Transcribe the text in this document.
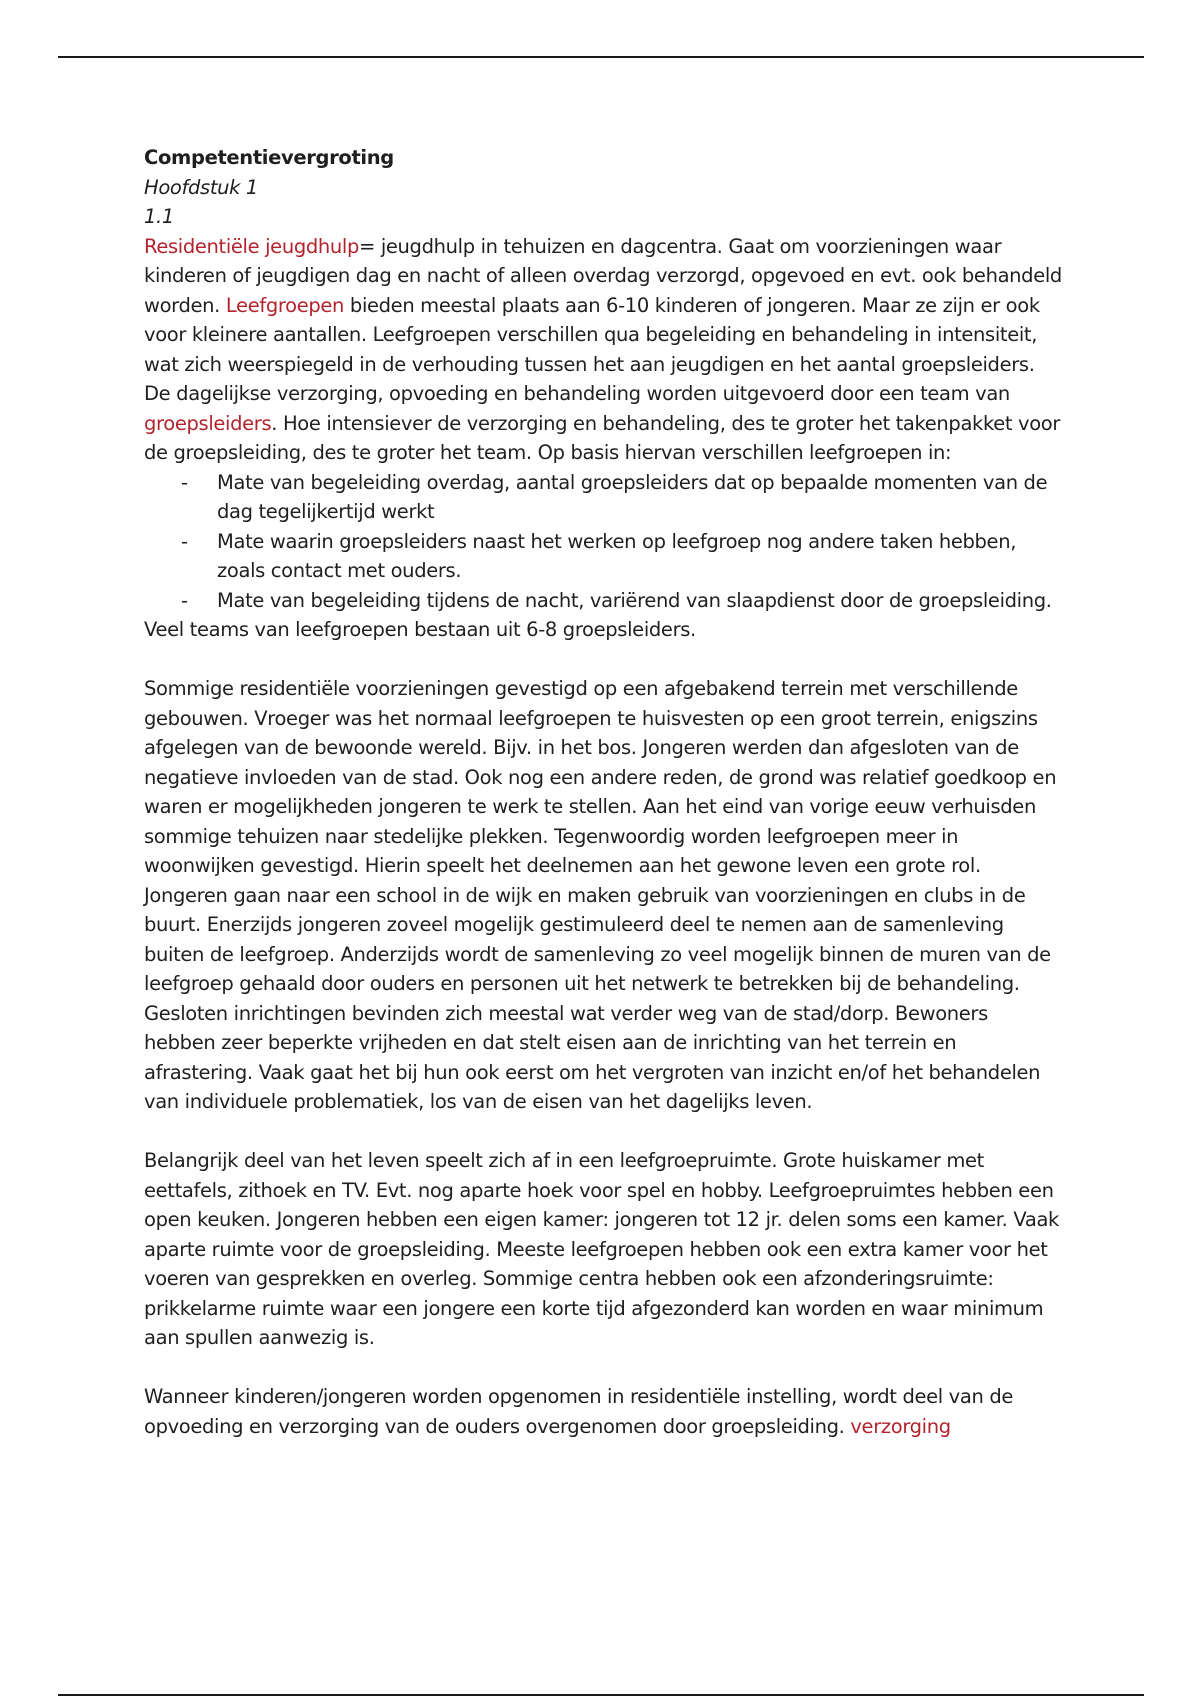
Competentievergroting

Hoofdstuk 1

1.1

Residentiële jeugdhulp= jeugdhulp in tehuizen en dagcentra. Gaat om voorzieningen waar kinderen of jeugdigen dag en nacht of alleen overdag verzorgd, opgevoed en evt. ook behandeld worden. Leefgroepen bieden meestal plaats aan 6-10 kinderen of jongeren. Maar ze zijn er ook voor kleinere aantallen. Leefgroepen verschillen qua begeleiding en behandeling in intensiteit, wat zich weerspiegeld in de verhouding tussen het aan jeugdigen en het aantal groepsleiders. De dagelijkse verzorging, opvoeding en behandeling worden uitgevoerd door een team van groepsleiders. Hoe intensiever de verzorging en behandeling, des te groter het takenpakket voor de groepsleiding, des te groter het team. Op basis hiervan verschillen leefgroepen in:

- Mate van begeleiding overdag, aantal groepsleiders dat op bepaalde momenten van de dag tegelijkertijd werkt
- Mate waarin groepsleiders naast het werken op leefgroep nog andere taken hebben, zoals contact met ouders.
- Mate van begeleiding tijdens de nacht, variërend van slaapdienst door de groepsleiding.

Veel teams van leefgroepen bestaan uit 6-8 groepsleiders.

Sommige residentiële voorzieningen gevestigd op een afgebakend terrein met verschillende gebouwen. Vroeger was het normaal leefgroepen te huisvesten op een groot terrein, enigszins afgelegen van de bewoonde wereld. Bijv. in het bos. Jongeren werden dan afgesloten van de negatieve invloeden van de stad. Ook nog een andere reden, de grond was relatief goedkoop en waren er mogelijkheden jongeren te werk te stellen. Aan het eind van vorige eeuw verhuisden sommige tehuizen naar stedelijke plekken. Tegenwoordig worden leefgroepen meer in woonwijken gevestigd. Hierin speelt het deelnemen aan het gewone leven een grote rol. Jongeren gaan naar een school in de wijk en maken gebruik van voorzieningen en clubs in de buurt. Enerzijds jongeren zoveel mogelijk gestimuleerd deel te nemen aan de samenleving buiten de leefgroep. Anderzijds wordt de samenleving zo veel mogelijk binnen de muren van de leefgroep gehaald door ouders en personen uit het netwerk te betrekken bij de behandeling. Gesloten inrichtingen bevinden zich meestal wat verder weg van de stad/dorp. Bewoners hebben zeer beperkte vrijheden en dat stelt eisen aan de inrichting van het terrein en afrastering. Vaak gaat het bij hun ook eerst om het vergroten van inzicht en/of het behandelen van individuele problematiek, los van de eisen van het dagelijks leven.

Belangrijk deel van het leven speelt zich af in een leefgroepruimte. Grote huiskamer met eettafels, zithoek en TV. Evt. nog aparte hoek voor spel en hobby. Leefgroepruimtes hebben een open keuken. Jongeren hebben een eigen kamer: jongeren tot 12 jr. delen soms een kamer. Vaak aparte ruimte voor de groepsleiding. Meeste leefgroepen hebben ook een extra kamer voor het voeren van gesprekken en overleg. Sommige centra hebben ook een afzonderingsruimte: prikkelarme ruimte waar een jongere een korte tijd afgezonderd kan worden en waar minimum aan spullen aanwezig is.

Wanneer kinderen/jongeren worden opgenomen in residentiële instelling, wordt deel van de opvoeding en verzorging van de ouders overgenomen door groepsleiding. verzorging
